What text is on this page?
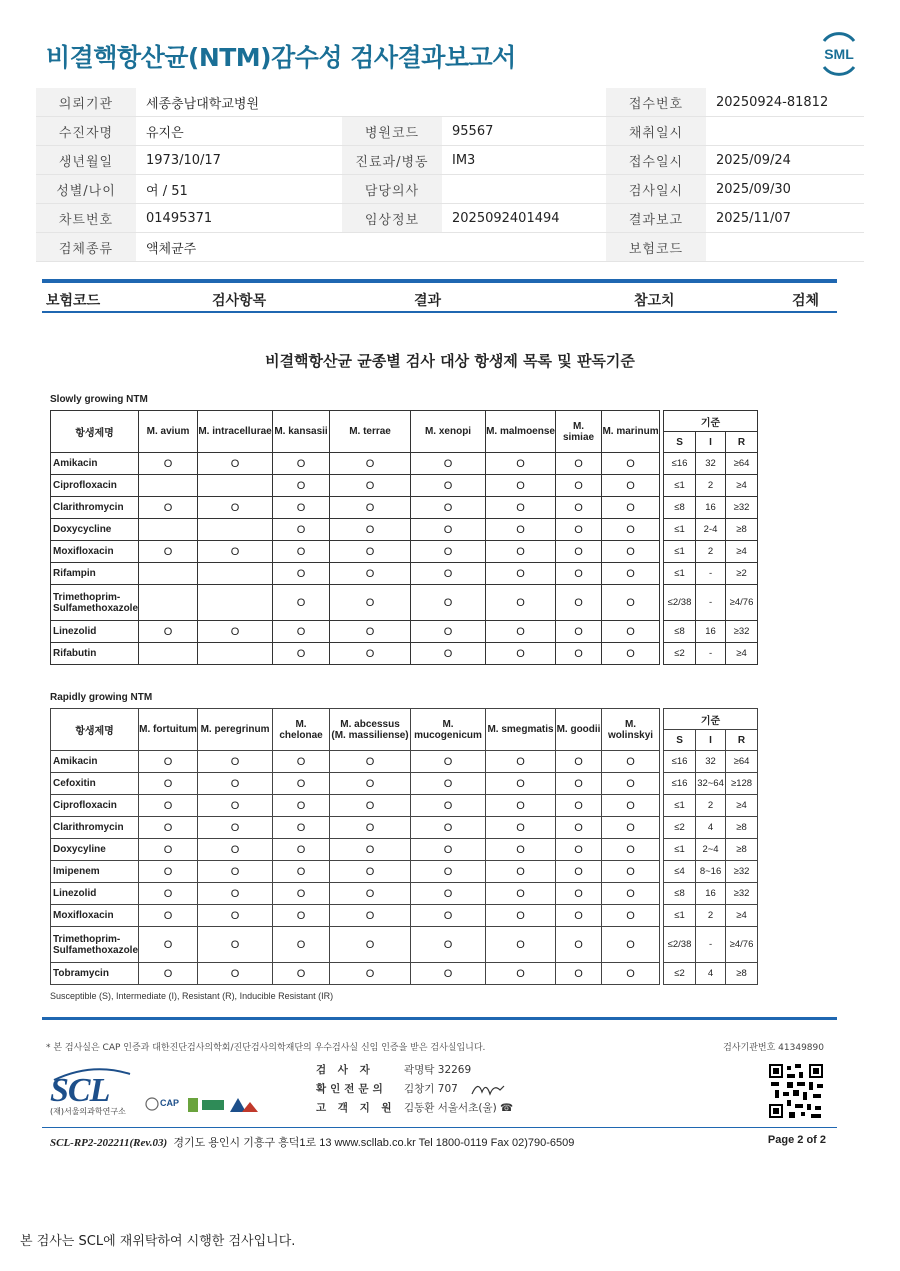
비결핵항산균(NTM)감수성 검사결과보고서	SML
의뢰기관	세종충남대학교병원			접수번호	20250924-81812
수진자명	유지은	병원코드	95567	채취일시	
생년월일	1973/10/17	진료과/병동	IM3	접수일시	2025/09/24
성별/나이	여 / 51	담당의사		검사일시	2025/09/30
차트번호	01495371	임상정보	2025092401494	결과보고	2025/11/07
검체종류	액체균주			보험코드	
보험코드	검사항목	결과	참고치	검체
비결핵항산균 균종별 검사 대상 항생제 목록 및 판독기준
Slowly growing NTM
항생제명	M. avium	M. intracellurae	M. kansasii	M. terrae	M. xenopi	M. malmoense	M. simiae	M. marinum		기준		
										S	I	R
Amikacin	O	O	O	O	O	O	O	O		≤16	32	≥64
Ciprofloxacin			O	O	O	O	O	O		≤1	2	≥4
Clarithromycin	O	O	O	O	O	O	O	O		≤8	16	≥32
Doxycycline			O	O	O	O	O	O		≤1	2-4	≥8
Moxifloxacin	O	O	O	O	O	O	O	O		≤1	2	≥4
Rifampin			O	O	O	O	O	O		≤1	-	≥2
Trimethoprim-
Sulfamethoxazole			O	O	O	O	O	O		≤2/38	-	≥4/76
Linezolid	O	O	O	O	O	O	O	O		≤8	16	≥32
Rifabutin			O	O	O	O	O	O		≤2	-	≥4
Rapidly growing NTM
항생제명	M. fortuitum	M. peregrinum	M. chelonae	M. abcessus
(M. massiliense)	M. mucogenicum	M. smegmatis	M. goodii	M. wolinskyi		기준		
										S	I	R
Amikacin	O	O	O	O	O	O	O	O		≤16	32	≥64
Cefoxitin	O	O	O	O	O	O	O	O		≤16	32~64	≥128
Ciprofloxacin	O	O	O	O	O	O	O	O		≤1	2	≥4
Clarithromycin	O	O	O	O	O	O	O	O		≤2	4	≥8
Doxycyline	O	O	O	O	O	O	O	O		≤1	2~4	≥8
Imipenem	O	O	O	O	O	O	O	O		≤4	8~16	≥32
Linezolid	O	O	O	O	O	O	O	O		≤8	16	≥32
Moxifloxacin	O	O	O	O	O	O	O	O		≤1	2	≥4
Trimethoprim-
Sulfamethoxazole	O	O	O	O	O	O	O	O		≤2/38	-	≥4/76
Tobramycin	O	O	O	O	O	O	O	O		≤2	4	≥8
Susceptible (S), Intermediate (I), Resistant (R), Inducible Resistant (IR)
* 본 검사실은 CAP 인증과 대한진단검사의학회/진단검사의학재단의 우수검사실 신임 인증을 받은 검사실입니다.	검사기관번호 41349890
SCL
(재)서울의과학연구소
CAP
검 사 자	곽명탁 32269
확인전문의	김창기 707
고 객 지 원 김동환 서울서초(울) ☎
SCL-RP2-202211(Rev.03) 경기도 용인시 기흥구 흥덕1로 13 www.scllab.co.kr Tel 1800-0119 Fax 02)790-6509	Page 2 of 2
본 검사는 SCL에 재위탁하여 시행한 검사입니다.
